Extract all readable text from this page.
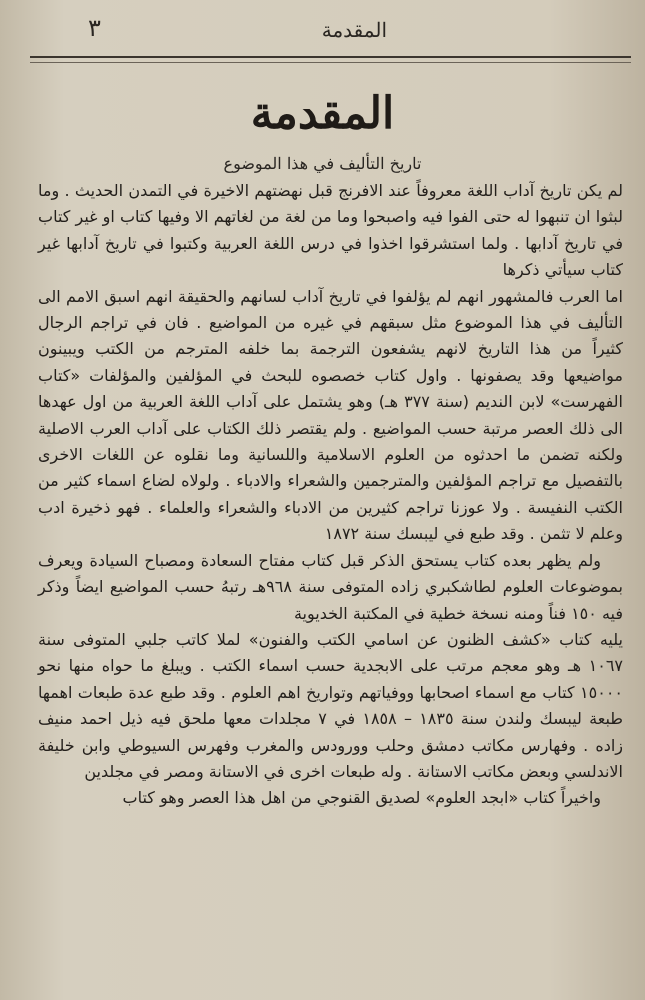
المقدمة
٣
المقدمة
تاريخ التأليف في هذا الموضوع

لم يكن تاريخ آداب اللغة معروفاً عند الافرنج قبل نهضتهم الاخيرة في التمدن الحديث . وما لبثوا ان تنبهوا له حتى الفوا فيه واصبحوا وما من لغة من لغاتهم الا وفيها كتاب او غير كتاب في تاريخ آدابها . ولما استشرقوا اخذوا في درس اللغة العربية وكتبوا في تاريخ آدابها غير كتاب سيأتي ذكرها

اما العرب فالمشهور انهم لم يؤلفوا في تاريخ آداب لسانهم والحقيقة انهم اسبق الامم الى التأليف في هذا الموضوع مثل سبقهم في غيره من المواضيع . فان في تراجم الرجال كثيراً من هذا التاريخ لانهم يشفعون الترجمة بما خلفه المترجم من الكتب ويبينون مواضيعها وقد يصفونها . واول كتاب خصصوه للبحث في المؤلفين والمؤلفات «كتاب الفهرست» لابن النديم (سنة ٣٧٧ هـ) وهو يشتمل على آداب اللغة العربية من اول عهدها الى ذلك العصر مرتبة حسب المواضيع . ولم يقتصر ذلك الكتاب على آداب العرب الاصلية ولكنه تضمن ما احدثوه من العلوم الاسلامية واللسانية وما نقلوه عن اللغات الاخرى بالتفصيل مع تراجم المؤلفين والمترجمين والشعراء والادباء . ولولاه لضاع اسماء كثير من الكتب النفيسة . ولا عوزنا تراجم كثيرين من الادباء والشعراء والعلماء . فهو ذخيرة ادب وعلم لا تثمن . وقد طبع في ليبسك سنة ١٨٧٢

ولم يظهر بعده كتاب يستحق الذكر قبل كتاب مفتاح السعادة ومصباح السيادة ويعرف بموضوعات العلوم لطاشكبري زاده المتوفى سنة ٩٦٨هـ رتبهُ حسب المواضيع ايضاً وذكر فيه ١٥٠ فناً ومنه نسخة خطية في المكتبة الخديوية

يليه كتاب «كشف الظنون عن اسامي الكتب والفنون» لملا كاتب جلبي المتوفى سنة ١٠٦٧ هـ وهو معجم مرتب على الابجدية حسب اسماء الكتب . ويبلغ ما حواه منها نحو ١٥٠٠٠ كتاب مع اسماء اصحابها ووفياتهم وتواريخ اهم العلوم . وقد طبع عدة طبعات اهمها طبعة ليبسك ولندن سنة ١٨٣٥ – ١٨٥٨ في ٧ مجلدات معها ملحق فيه ذيل احمد منيف زاده . وفهارس مكاتب دمشق وحلب وورودس والمغرب وفهرس السيوطي وابن خليفة الاندلسي وبعض مكاتب الاستانة . وله طبعات اخرى في الاستانة ومصر في مجلدين

واخيراً كتاب «ابجد العلوم» لصديق القنوجي من اهل هذا العصر وهو كتاب
